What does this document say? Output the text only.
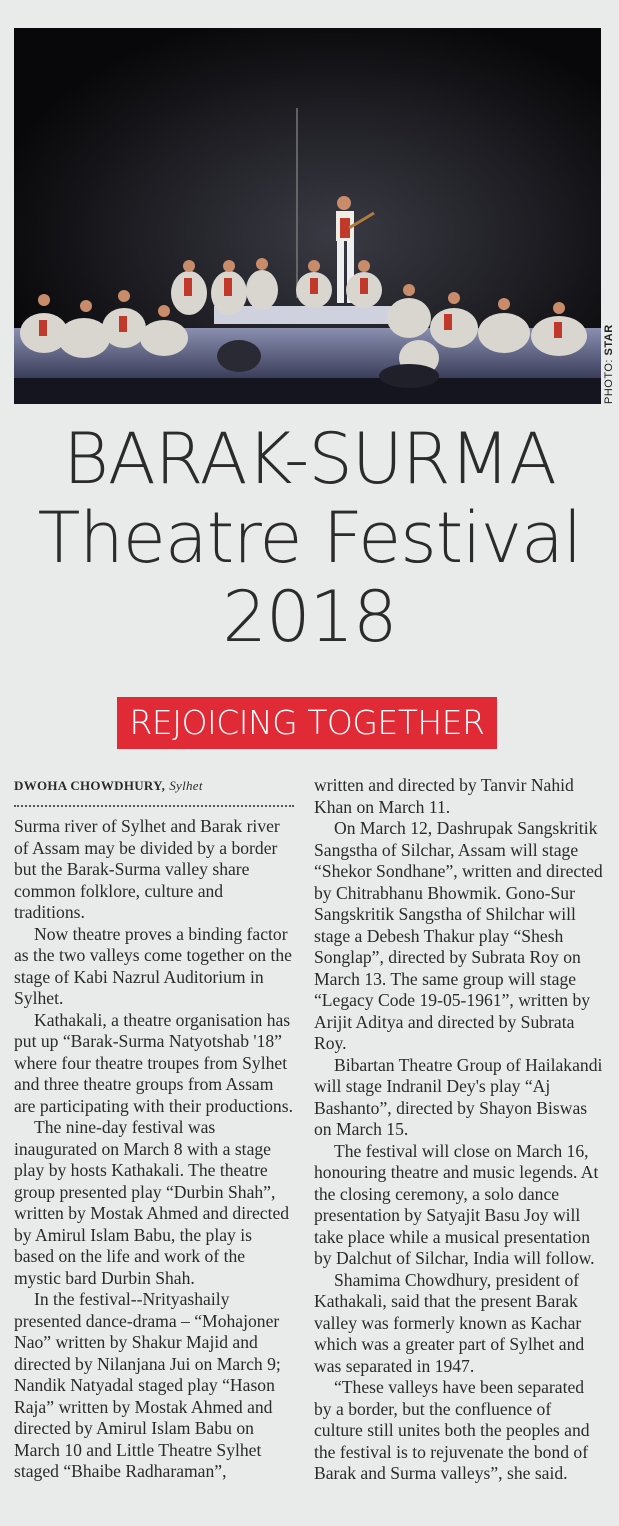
PHOTO: STAR
BARAK-SURMA
Theatre Festival
2018
REJOICING TOGETHER
DWOHA CHOWDHURY, Sylhet

Surma river of Sylhet and Barak river of Assam may be divided by a border but the Barak-Surma valley share common folklore, culture and traditions.

Now theatre proves a binding factor as the two valleys come together on the stage of Kabi Nazrul Auditorium in Sylhet.

Kathakali, a theatre organisation has put up “Barak-Surma Natyotshab '18” where four theatre troupes from Sylhet and three theatre groups from Assam are participating with their productions.

The nine-day festival was inaugurated on March 8 with a stage play by hosts Kathakali. The theatre group presented play “Durbin Shah”, written by Mostak Ahmed and directed by Amirul Islam Babu, the play is based on the life and work of the mystic bard Durbin Shah.

In the festival--Nrityashaily presented dance-drama – “Mohajoner Nao” written by Shakur Majid and directed by Nilanjana Jui on March 9; Nandik Natyadal staged play “Hason Raja” written by Mostak Ahmed and directed by Amirul Islam Babu on March 10 and Little Theatre Sylhet staged “Bhaibe Radharaman”,

written and directed by Tanvir Nahid Khan on March 11.

On March 12, Dashrupak Sangskritik Sangstha of Silchar, Assam will stage “Shekor Sondhane”, written and directed by Chitrabhanu Bhowmik. Gono-Sur Sangskritik Sangstha of Shilchar will stage a Debesh Thakur play “Shesh Songlap”, directed by Subrata Roy on March 13. The same group will stage “Legacy Code 19-05-1961”, written by Arijit Aditya and directed by Subrata Roy.

Bibartan Theatre Group of Hailakandi will stage Indranil Dey's play “Aj Bashanto”, directed by Shayon Biswas on March 15.

The festival will close on March 16, honouring theatre and music legends. At the closing ceremony, a solo dance presentation by Satyajit Basu Joy will take place while a musical presentation by Dalchut of Silchar, India will follow.

Shamima Chowdhury, president of Kathakali, said that the present Barak valley was formerly known as Kachar which was a greater part of Sylhet and was separated in 1947.

“These valleys have been separated by a border, but the confluence of culture still unites both the peoples and the festival is to rejuvenate the bond of Barak and Surma valleys”, she said.
